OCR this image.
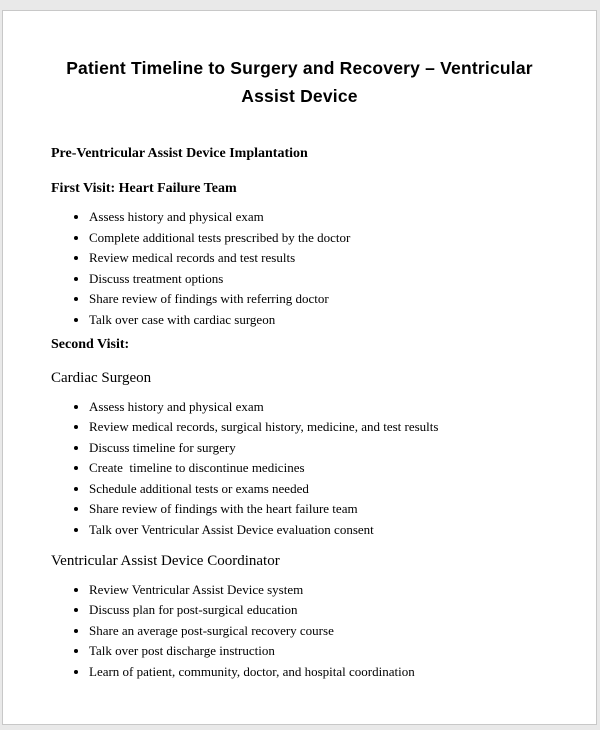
Patient Timeline to Surgery and Recovery – Ventricular
Assist Device

Pre-Ventricular Assist Device Implantation

First Visit: Heart Failure Team

• Assess history and physical exam
• Complete additional tests prescribed by the doctor
• Review medical records and test results
• Discuss treatment options
• Share review of findings with referring doctor
• Talk over case with cardiac surgeon

Second Visit:

Cardiac Surgeon

• Assess history and physical exam
• Review medical records, surgical history, medicine, and test results
• Discuss timeline for surgery
• Create  timeline to discontinue medicines
• Schedule additional tests or exams needed
• Share review of findings with the heart failure team
• Talk over Ventricular Assist Device evaluation consent

Ventricular Assist Device Coordinator

• Review Ventricular Assist Device system
• Discuss plan for post-surgical education
• Share an average post-surgical recovery course
• Talk over post discharge instruction
• Learn of patient, community, doctor, and hospital coordination
